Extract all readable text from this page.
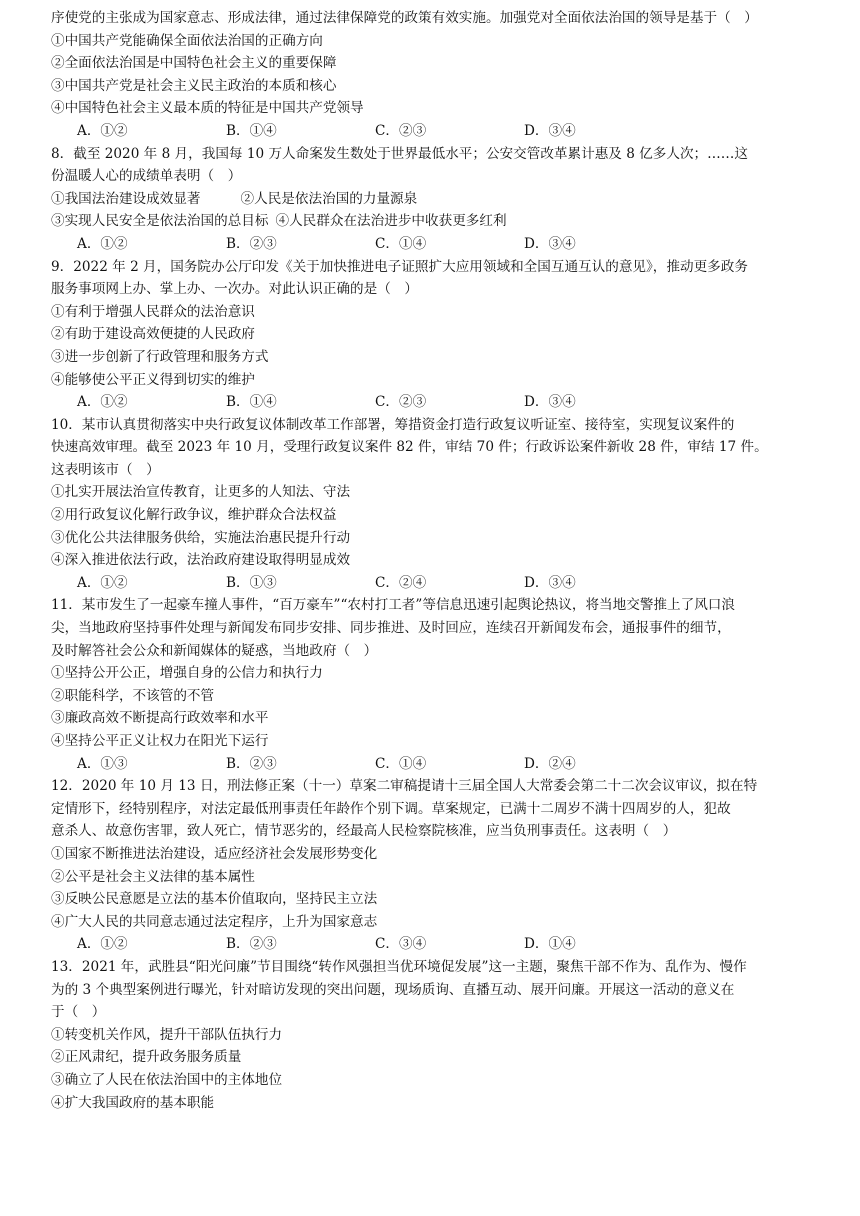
序使党的主张成为国家意志、形成法律，通过法律保障党的政策有效实施。加强党对全面依法治国的领导是基于（　）
①中国共产党能确保全面依法治国的正确方向
②全面依法治国是中国特色社会主义的重要保障
③中国共产党是社会主义民主政治的本质和核心
④中国特色社会主义最本质的特征是中国共产党领导
A．①②	B．①④	C．②③	D．③④
8．截至 2020 年 8 月，我国每 10 万人命案发生数处于世界最低水平；公安交管改革累计惠及 8 亿多人次；……这
份温暖人心的成绩单表明（　）
①我国法治建设成效显著	②人民是依法治国的力量源泉
③实现人民安全是依法治国的总目标 ④人民群众在法治进步中收获更多红利
A．①②	B．②③	C．①④	D．③④
9．2022 年 2 月，国务院办公厅印发《关于加快推进电子证照扩大应用领域和全国互通互认的意见》，推动更多政务
服务事项网上办、掌上办、一次办。对此认识正确的是（　）
①有利于增强人民群众的法治意识
②有助于建设高效便捷的人民政府
③进一步创新了行政管理和服务方式
④能够使公平正义得到切实的维护
A．①②	B．①④	C．②③	D．③④
10．某市认真贯彻落实中央行政复议体制改革工作部署，筹措资金打造行政复议听证室、接待室，实现复议案件的
快速高效审理。截至 2023 年 10 月，受理行政复议案件 82 件，审结 70 件；行政诉讼案件新收 28 件，审结 17 件。
这表明该市（　）
①扎实开展法治宣传教育，让更多的人知法、守法
②用行政复议化解行政争议，维护群众合法权益
③优化公共法律服务供给，实施法治惠民提升行动
④深入推进依法行政，法治政府建设取得明显成效
A．①②	B．①③	C．②④	D．③④
11．某市发生了一起豪车撞人事件，“百万豪车”“农村打工者”等信息迅速引起舆论热议，将当地交警推上了风口浪
尖，当地政府坚持事件处理与新闻发布同步安排、同步推进、及时回应，连续召开新闻发布会，通报事件的细节，
及时解答社会公众和新闻媒体的疑惑，当地政府（　）
①坚持公开公正，增强自身的公信力和执行力
②职能科学，不该管的不管
③廉政高效不断提高行政效率和水平
④坚持公平正义让权力在阳光下运行
A．①③	B．②③	C．①④	D．②④
12．2020 年 10 月 13 日，刑法修正案（十一）草案二审稿提请十三届全国人大常委会第二十二次会议审议，拟在特
定情形下，经特别程序，对法定最低刑事责任年龄作个别下调。草案规定，已满十二周岁不满十四周岁的人，犯故
意杀人、故意伤害罪，致人死亡，情节恶劣的，经最高人民检察院核准，应当负刑事责任。这表明（　）
①国家不断推进法治建设，适应经济社会发展形势变化
②公平是社会主义法律的基本属性
③反映公民意愿是立法的基本价值取向，坚持民主立法
④广大人民的共同意志通过法定程序，上升为国家意志
A．①②	B．②③	C．③④	D．①④
13．2021 年，武胜县“阳光问廉”节目围绕“转作风强担当优环境促发展”这一主题，聚焦干部不作为、乱作为、慢作
为的 3 个典型案例进行曝光，针对暗访发现的突出问题，现场质询、直播互动、展开问廉。开展这一活动的意义在
于（　）
①转变机关作风，提升干部队伍执行力
②正风肃纪，提升政务服务质量
③确立了人民在依法治国中的主体地位
④扩大我国政府的基本职能
